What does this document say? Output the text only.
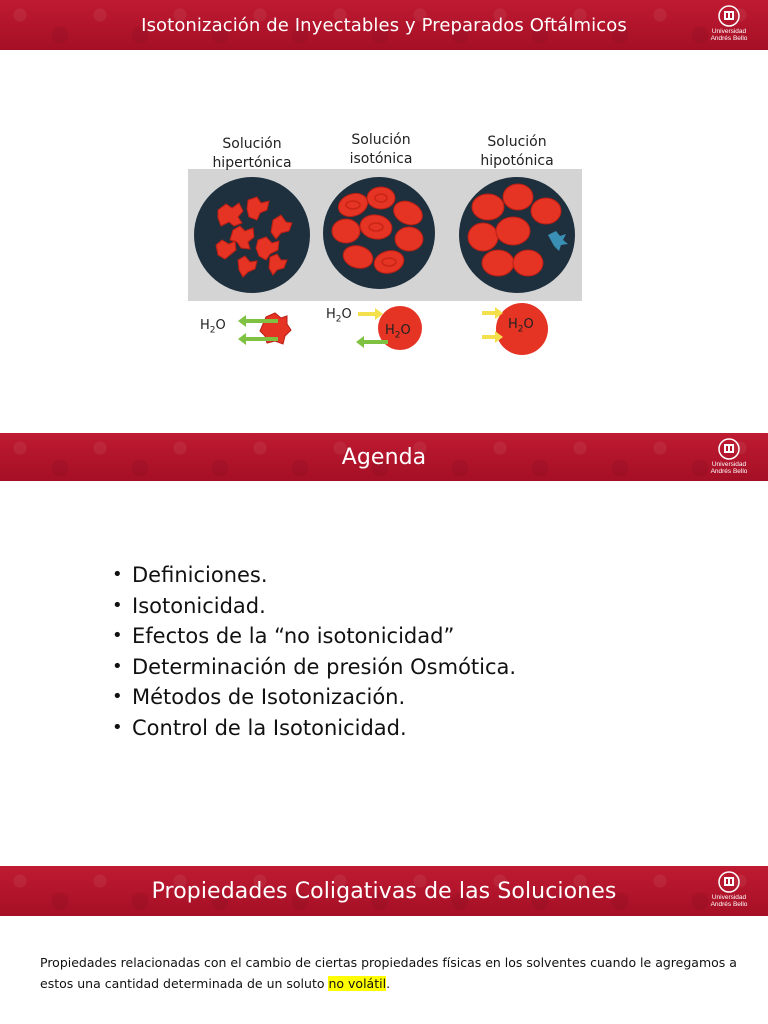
Isotonización de Inyectables y Preparados Oftálmicos	Universidad
Andrés Bello
Solución
hipertónica
Solución
isotónica
Solución
hipotónica
$H_2O$
$H_2O$
$H_2O$	$H_2O$
Agenda	Universidad
Andrés Bello
• Definiciones.
• Isotonicidad.
• Efectos de la “no isotonicidad”
• Determinación de presión Osmótica.
• Métodos de Isotonización.
• Control de la Isotonicidad.
Propiedades Coligativas de las Soluciones	Universidad
Andrés Bello

Propiedades relacionadas con el cambio de ciertas propiedades físicas en los solventes cuando le agregamos a estos una cantidad determinada de un soluto no volátil.
